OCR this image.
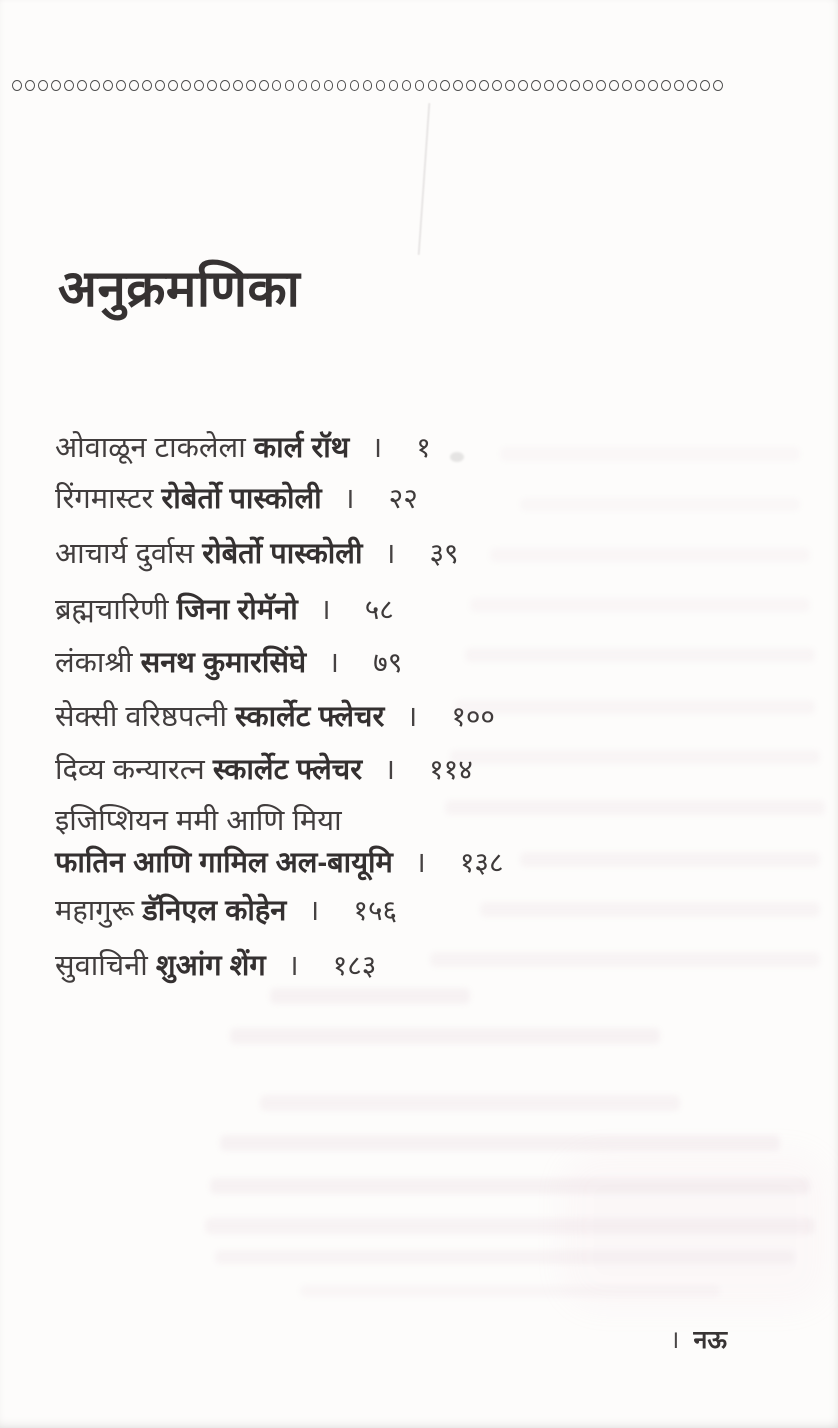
अनुक्रमणिका
ओवाळून टाकलेला कार्ल रॉथ । १
रिंगमास्टर रोबेर्तो पास्कोली । २२
आचार्य दुर्वास रोबेर्तो पास्कोली । ३९
ब्रह्मचारिणी जिना रोमॅनो । ५८
लंकाश्री सनथ कुमारसिंघे । ७९
सेक्सी वरिष्ठपत्नी स्कार्लेट फ्लेचर । १००
दिव्य कन्यारत्न स्कार्लेट फ्लेचर । ११४
इजिप्शियन ममी आणि मिया
फातिन आणि गामिल अल-बायूमि । १३८
महागुरू डॅनिएल कोहेन । १५६
सुवाचिनी शुआंग शेंग । १८३
। नऊ
